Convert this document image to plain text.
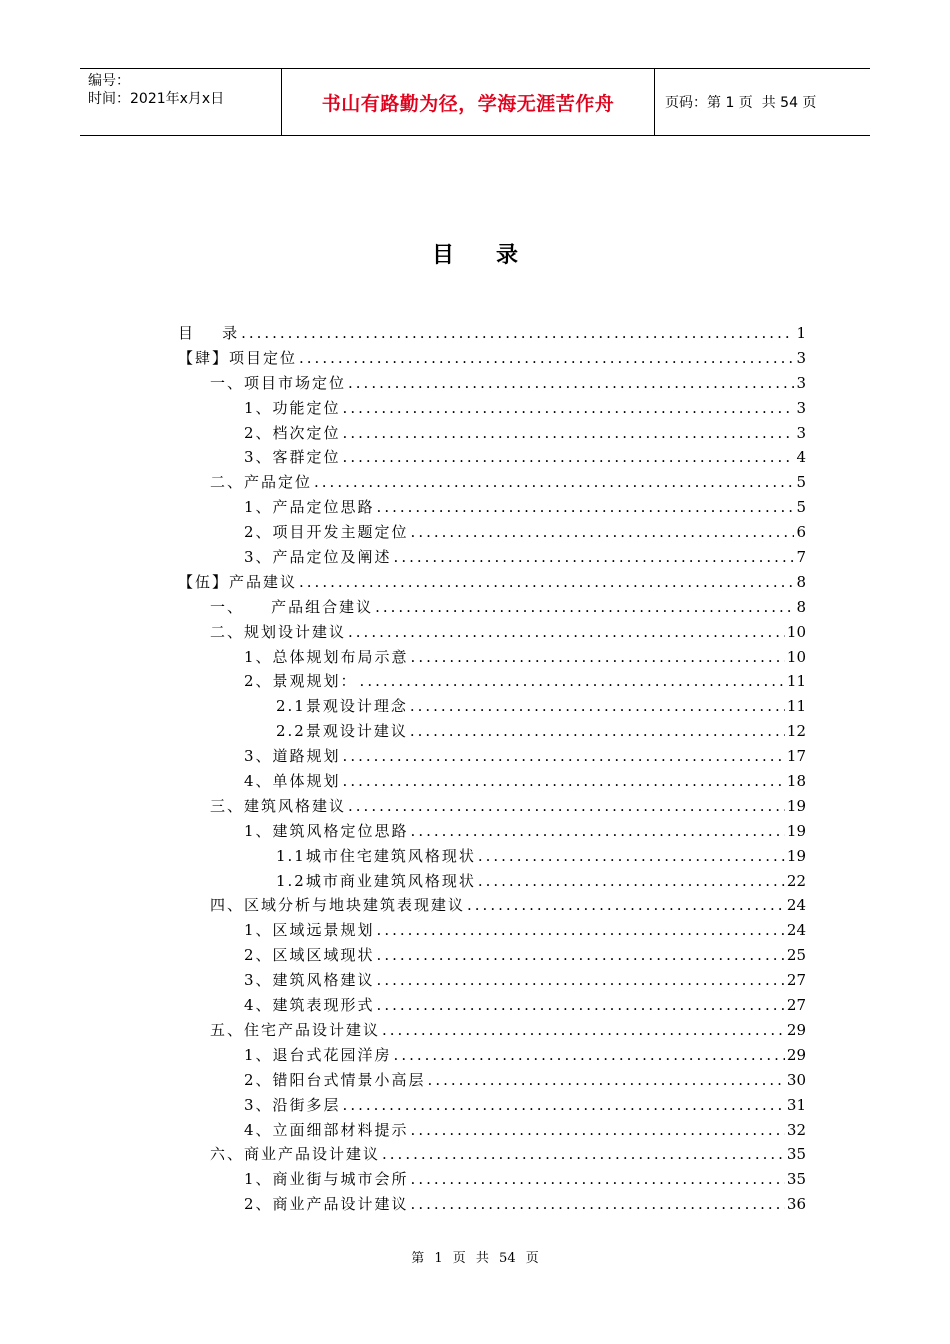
编号：
时间：2021年x月x日	书山有路勤为径，学海无涯苦作舟	页码：第 1 页  共 54 页
目录
目    录 .....	1
【肆】项目定位 .....	3
一、项目市场定位 .....	3
1、功能定位 .....	3
2、档次定位 .....	3
3、客群定位 .....	4
二、产品定位 .....	5
1、产品定位思路 .....	5
2、项目开发主题定位 .....	6
3、产品定位及阐述 .....	7
【伍】产品建议 .....	8
一、    产品组合建议 .....	8
二、规划设计建议 .....	10
1、总体规划布局示意 .....	10
2、景观规划： .....	11
2.1景观设计理念 .....	11
2.2景观设计建议 .....	12
3、道路规划 .....	17
4、单体规划 .....	18
三、建筑风格建议 .....	19
1、建筑风格定位思路 .....	19
1.1城市住宅建筑风格现状 .....	19
1.2城市商业建筑风格现状 .....	22
四、区域分析与地块建筑表现建议 .....	24
1、区域远景规划 .....	24
2、区域区域现状 .....	25
3、建筑风格建议 .....	27
4、建筑表现形式 .....	27
五、住宅产品设计建议 .....	29
1、退台式花园洋房 .....	29
2、错阳台式情景小高层 .....	30
3、沿街多层 .....	31
4、立面细部材料提示 .....	32
六、商业产品设计建议 .....	35
1、商业街与城市会所 .....	35
2、商业产品设计建议 .....	36
第 1 页 共 54 页
